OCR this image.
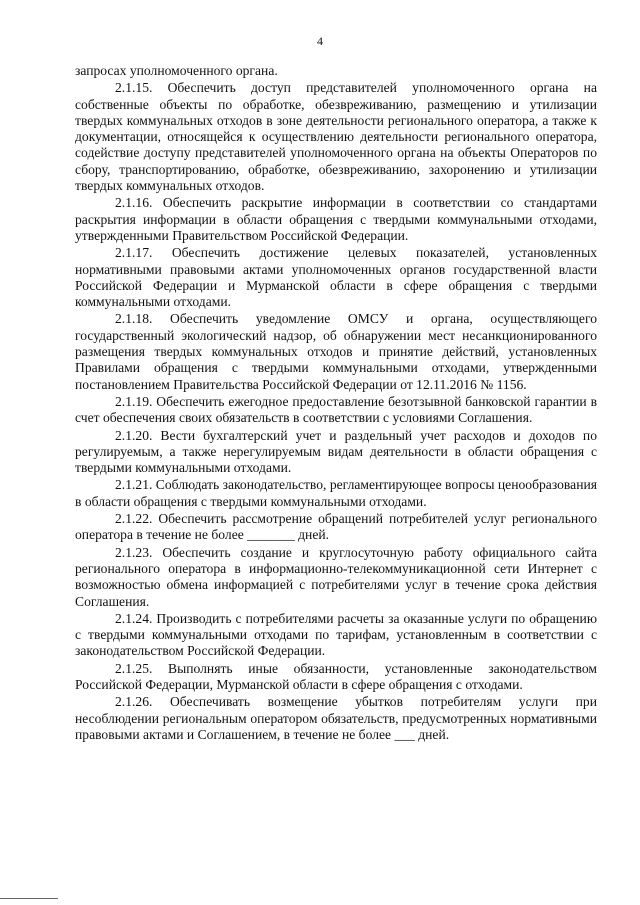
4

запросах уполномоченного органа.

2.1.15. Обеспечить доступ представителей уполномоченного органа на собственные объекты по обработке, обезвреживанию, размещению и утилизации твердых коммунальных отходов в зоне деятельности регионального оператора, а также к документации, относящейся к осуществлению деятельности регионального оператора, содействие доступу представителей уполномоченного органа на объекты Операторов по сбору, транспортированию, обработке, обезвреживанию, захоронению и утилизации твердых коммунальных отходов.

2.1.16. Обеспечить раскрытие информации в соответствии со стандартами раскрытия информации в области обращения с твердыми коммунальными отходами, утвержденными Правительством Российской Федерации.

2.1.17. Обеспечить достижение целевых показателей, установленных нормативными правовыми актами уполномоченных органов государственной власти Российской Федерации и Мурманской области в сфере обращения с твердыми коммунальными отходами.

2.1.18. Обеспечить уведомление ОМСУ и органа, осуществляющего государственный экологический надзор, об обнаружении мест несанкционированного размещения твердых коммунальных отходов и принятие действий, установленных Правилами обращения с твердыми коммунальными отходами, утвержденными постановлением Правительства Российской Федерации от 12.11.2016 № 1156.

2.1.19. Обеспечить ежегодное предоставление безотзывной банковской гарантии в счет обеспечения своих обязательств в соответствии с условиями Соглашения.

2.1.20. Вести бухгалтерский учет и раздельный учет расходов и доходов по регулируемым, а также нерегулируемым видам деятельности в области обращения с твердыми коммунальными отходами.

2.1.21. Соблюдать законодательство, регламентирующее вопросы ценообразования в области обращения с твердыми коммунальными отходами.

2.1.22. Обеспечить рассмотрение обращений потребителей услуг регионального оператора в течение не более _______ дней.

2.1.23. Обеспечить создание и круглосуточную работу официального сайта регионального оператора в информационно-телекоммуникационной сети Интернет с возможностью обмена информацией с потребителями услуг в течение срока действия Соглашения.

2.1.24. Производить с потребителями расчеты за оказанные услуги по обращению с твердыми коммунальными отходами по тарифам, установленным в соответствии с законодательством Российской Федерации.

2.1.25. Выполнять иные обязанности, установленные законодательством Российской Федерации, Мурманской области в сфере обращения с отходами.

2.1.26. Обеспечивать возмещение убытков потребителям услуги при несоблюдении региональным оператором обязательств, предусмотренных нормативными правовыми актами и Соглашением, в течение не более ___ дней.
